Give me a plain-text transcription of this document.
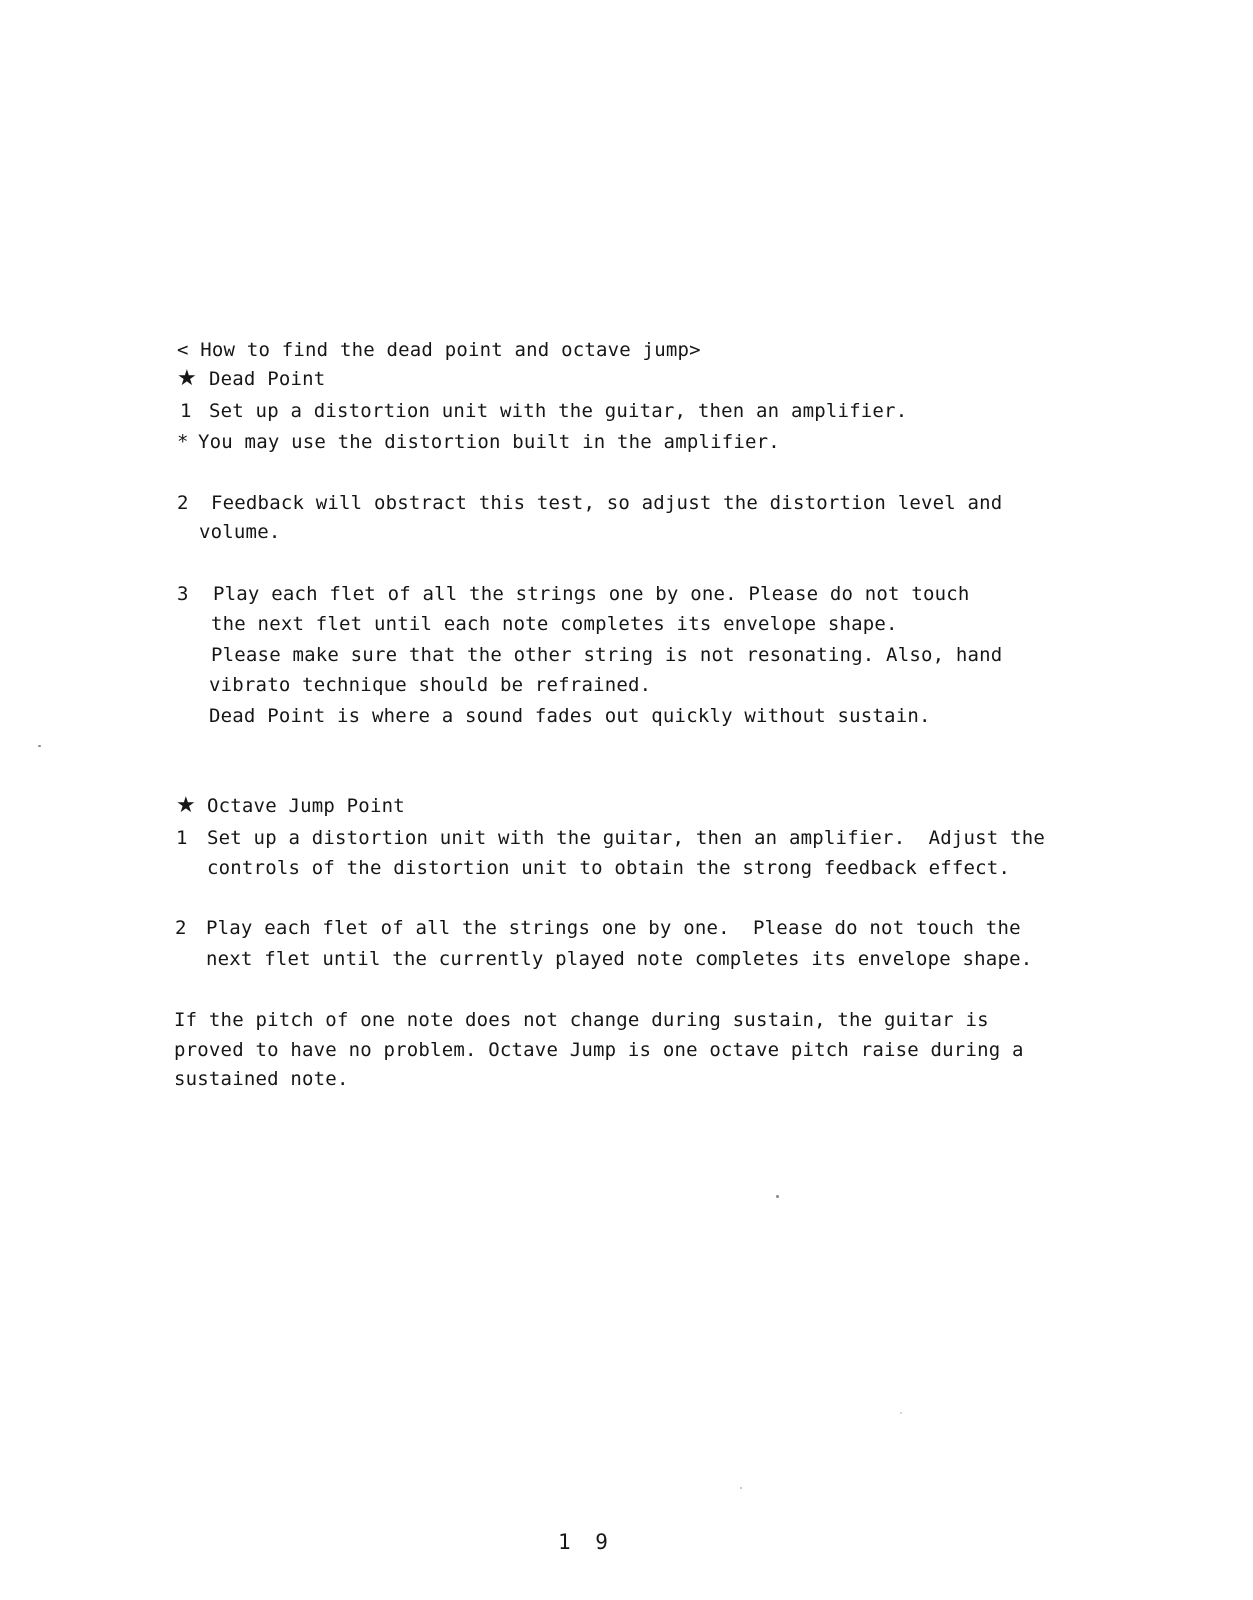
< How to find the dead point and octave jump>
★ Dead Point
1 Set up a distortion unit with the guitar, then an amplifier.
* You may use the distortion built in the amplifier.
2 Feedback will obstract this test, so adjust the distortion level and
volume.
3 Play each flet of all the strings one by one. Please do not touch
the next flet until each note completes its envelope shape.
Please make sure that the other string is not resonating. Also, hand
vibrato technique should be refrained.
Dead Point is where a sound fades out quickly without sustain.
★ Octave Jump Point
1 Set up a distortion unit with the guitar, then an amplifier.  Adjust the
controls of the distortion unit to obtain the strong feedback effect.
2 Play each flet of all the strings one by one.  Please do not touch the
next flet until the currently played note completes its envelope shape.
If the pitch of one note does not change during sustain, the guitar is
proved to have no problem. Octave Jump is one octave pitch raise during a
sustained note.
1 9
